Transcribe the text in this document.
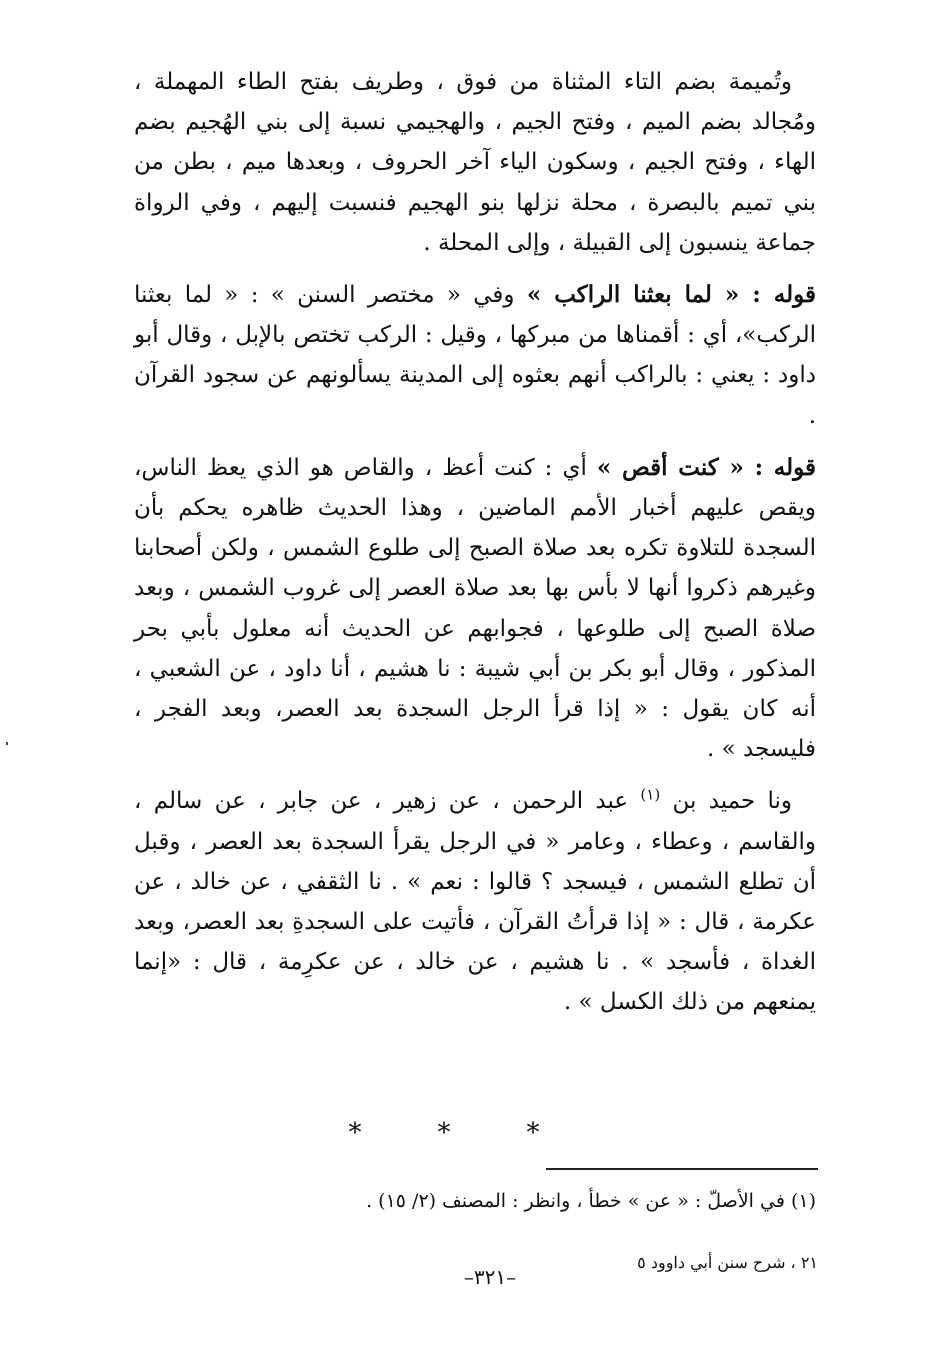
وتُميمة بضم التاء المثناة من فوق ، وطريف بفتح الطاء المهملة ، ومُجالد بضم الميم ، وفتح الجيم ، والهجيمي نسبة إلى بني الهُجيم بضم الهاء ، وفتح الجيم ، وسكون الياء آخر الحروف ، وبعدها ميم ، بطن من بني تميم بالبصرة ، محلة نزلها بنو الهجيم فنسبت إليهم ، وفي الرواة جماعة ينسبون إلى القبيلة ، وإلى المحلة .

قوله : « لما بعثنا الراكب » وفي « مختصر السنن » : « لما بعثنا الركب»، أي : أقمناها من مبركها ، وقيل : الركب تختص بالإبل ، وقال أبو داود : يعني : بالراكب أنهم بعثوه إلى المدينة يسألونهم عن سجود القرآن .

قوله : « كنت أقص » أي : كنت أعظ ، والقاص هو الذي يعظ الناس، ويقص عليهم أخبار الأمم الماضين ، وهذا الحديث ظاهره يحكم بأن السجدة للتلاوة تكره بعد صلاة الصبح إلى طلوع الشمس ، ولكن أصحابنا وغيرهم ذكروا أنها لا بأس بها بعد صلاة العصر إلى غروب الشمس ، وبعد صلاة الصبح إلى طلوعها ، فجوابهم عن الحديث أنه معلول بأبي بحر المذكور ، وقال أبو بكر بن أبي شيبة : نا هشيم ، أنا داود ، عن الشعبي ، أنه كان يقول : « إذا قرأ الرجل السجدة بعد العصر، وبعد الفجر ، فليسجد » .

ونا حميد بن $^{(١)}$ عبد الرحمن ، عن زهير ، عن جابر ، عن سالم ، والقاسم ، وعطاء ، وعامر « في الرجل يقرأ السجدة بعد العصر ، وقبل أن تطلع الشمس ، فيسجد ؟ قالوا : نعم » . نا الثقفي ، عن خالد ، عن عكرمة ، قال : « إذا قرأتُ القرآن ، فأتيت على السجدةِ بعد العصر، وبعد الغداة ، فأسجد » . نا هشيم ، عن خالد ، عن عكرِمة ، قال : «إنما يمنعهم من ذلك الكسل » .

* * *
(١) في الأصلّ : « عن » خطأ ، وانظر : المصنف (٢/ ١٥) .
٢١ ، شرح سنن أبي داوود ٥
–٣٢١–
